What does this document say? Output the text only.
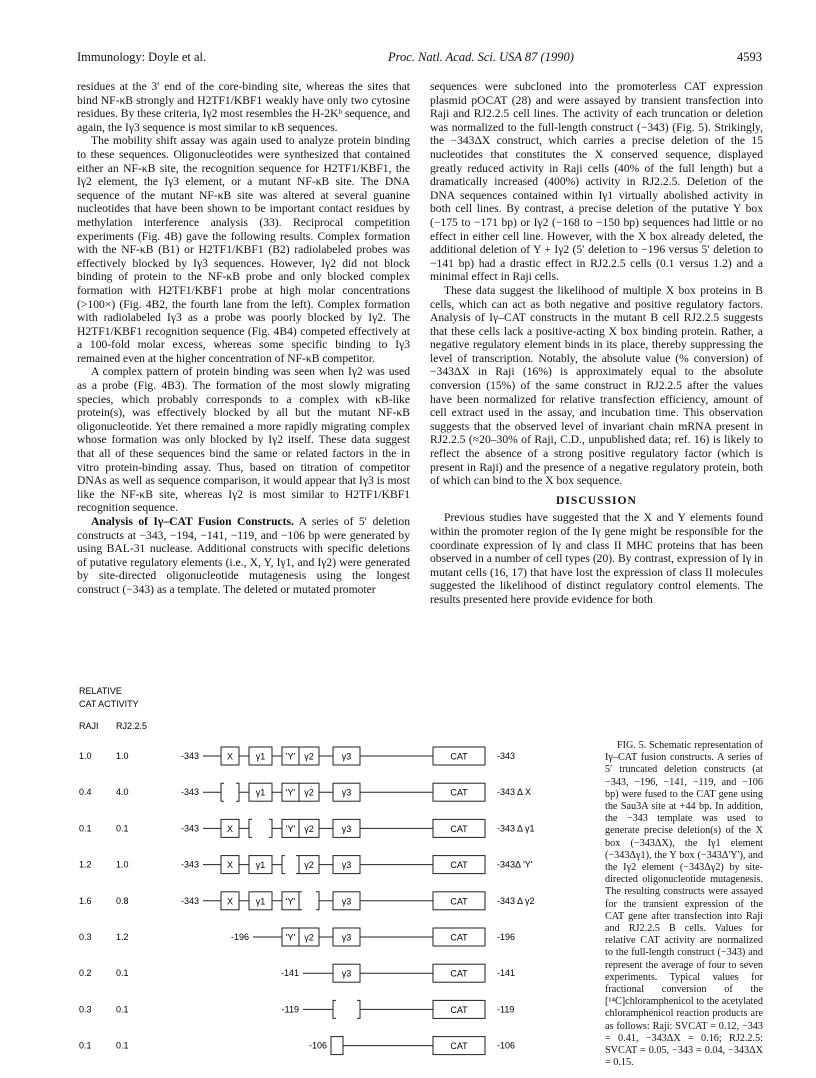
Immunology: Doyle et al.	Proc. Natl. Acad. Sci. USA 87 (1990)	4593

residues at the 3′ end of the core-binding site, whereas the sites that bind NF-κB strongly and H2TF1/KBF1 weakly have only two cytosine residues. By these criteria, Iγ2 most resembles the H-2Kᵇ sequence, and again, the Iγ3 sequence is most similar to κB sequences.

The mobility shift assay was again used to analyze protein binding to these sequences. Oligonucleotides were synthesized that contained either an NF-κB site, the recognition sequence for H2TF1/KBF1, the Iγ2 element, the Iγ3 element, or a mutant NF-κB site. The DNA sequence of the mutant NF-κB site was altered at several guanine nucleotides that have been shown to be important contact residues by methylation interference analysis (33). Reciprocal competition experiments (Fig. 4B) gave the following results. Complex formation with the NF-κB (B1) or H2TF1/KBF1 (B2) radiolabeled probes was effectively blocked by Iγ3 sequences. However, Iγ2 did not block binding of protein to the NF-κB probe and only blocked complex formation with H2TF1/KBF1 probe at high molar concentrations (>100×) (Fig. 4B2, the fourth lane from the left). Complex formation with radiolabeled Iγ3 as a probe was poorly blocked by Iγ2. The H2TF1/KBF1 recognition sequence (Fig. 4B4) competed effectively at a 100-fold molar excess, whereas some specific binding to Iγ3 remained even at the higher concentration of NF-κB competitor.

A complex pattern of protein binding was seen when Iγ2 was used as a probe (Fig. 4B3). The formation of the most slowly migrating species, which probably corresponds to a complex with κB-like protein(s), was effectively blocked by all but the mutant NF-κB oligonucleotide. Yet there remained a more rapidly migrating complex whose formation was only blocked by Iγ2 itself. These data suggest that all of these sequences bind the same or related factors in the in vitro protein-binding assay. Thus, based on titration of competitor DNAs as well as sequence comparison, it would appear that Iγ3 is most like the NF-κB site, whereas Iγ2 is most similar to H2TF1/KBF1 recognition sequence.

Analysis of Iγ–CAT Fusion Constructs. A series of 5′ deletion constructs at −343, −194, −141, −119, and −106 bp were generated by using BAL-31 nuclease. Additional constructs with specific deletions of putative regulatory elements (i.e., X, Y, Iγ1, and Iγ2) were generated by site-directed oligonucleotide mutagenesis using the longest construct (−343) as a template. The deleted or mutated promoter

sequences were subcloned into the promoterless CAT expression plasmid pOCAT (28) and were assayed by transient transfection into Raji and RJ2.2.5 cell lines. The activity of each truncation or deletion was normalized to the full-length construct (−343) (Fig. 5). Strikingly, the −343ΔX construct, which carries a precise deletion of the 15 nucleotides that constitutes the X conserved sequence, displayed greatly reduced activity in Raji cells (40% of the full length) but a dramatically increased (400%) activity in RJ2.2.5. Deletion of the DNA sequences contained within Iγ1 virtually abolished activity in both cell lines. By contrast, a precise deletion of the putative Y box (−175 to −171 bp) or Iγ2 (−168 to −150 bp) sequences had little or no effect in either cell line. However, with the X box already deleted, the additional deletion of Y + Iγ2 (5′ deletion to −196 versus 5′ deletion to −141 bp) had a drastic effect in RJ2.2.5 cells (0.1 versus 1.2) and a minimal effect in Raji cells.

These data suggest the likelihood of multiple X box proteins in B cells, which can act as both negative and positive regulatory factors. Analysis of Iγ–CAT constructs in the mutant B cell RJ2.2.5 suggests that these cells lack a positive-acting X box binding protein. Rather, a negative regulatory element binds in its place, thereby suppressing the level of transcription. Notably, the absolute value (% conversion) of −343ΔX in Raji (16%) is approximately equal to the absolute conversion (15%) of the same construct in RJ2.2.5 after the values have been normalized for relative transfection efficiency, amount of cell extract used in the assay, and incubation time. This observation suggests that the observed level of invariant chain mRNA present in RJ2.2.5 (≈20–30% of Raji, C.D., unpublished data; ref. 16) is likely to reflect the absence of a strong positive regulatory factor (which is present in Raji) and the presence of a negative regulatory protein, both of which can bind to the X box sequence.

DISCUSSION

Previous studies have suggested that the X and Y elements found within the promoter region of the Iγ gene might be responsible for the coordinate expression of Iγ and class II MHC proteins that has been observed in a number of cell types (20). By contrast, expression of Iγ in mutant cells (16, 17) that have lost the expression of class II molecules suggested the likelihood of distinct regulatory control elements. The results presented here provide evidence for both

RELATIVE
CAT ACTIVITY
RAJI RJ2.2.5
1.0	1.0	-343	X	γ1 'Y' γ2	γ3	CAT	-343
0.4	4.0	-343	γ1 'Y' γ2	γ3	CAT	-343 Δ X
0.1	0.1	-343	X	'Y' γ2	γ3	CAT	-343 Δ γ1
1.2	1.0	-343	X	γ1	γ2	γ3	CAT	-343Δ 'Y'
1.6	0.8	-343	X	γ1 'Y'	γ3	CAT	-343 Δ γ2
0.3	1.2	-196	'Y' γ2	γ3	CAT	-196
0.2	0.1	-141	γ3	CAT	-141
0.3	0.1	-119	CAT	-119
0.1	0.1	-106	CAT	-106

FIG. 5. Schematic representation of Iγ–CAT fusion constructs. A series of 5′ truncated deletion constructs (at −343, −196, −141, −119, and −106 bp) were fused to the CAT gene using the Sau3A site at +44 bp. In addition, the −343 template was used to generate precise deletion(s) of the X box (−343ΔX), the Iγ1 element (−343Δγ1), the Y box (−343Δ'Y'), and the Iγ2 element (−343Δγ2) by site-directed oligonucleotide mutagenesis. The resulting constructs were assayed for the transient expression of the CAT gene after transfection into Raji and RJ2.2.5 B cells. Values for relative CAT activity are normalized to the full-length construct (−343) and represent the average of four to seven experiments. Typical values for fractional conversion of the [¹⁴C]chloramphenicol to the acetylated chloramphenicol reaction products are as follows: Raji: SVCAT = 0.12, −343 = 0.41, −343ΔX = 0.16; RJ2.2.5: SVCAT = 0.05, −343 = 0.04, −343ΔX = 0.15.
